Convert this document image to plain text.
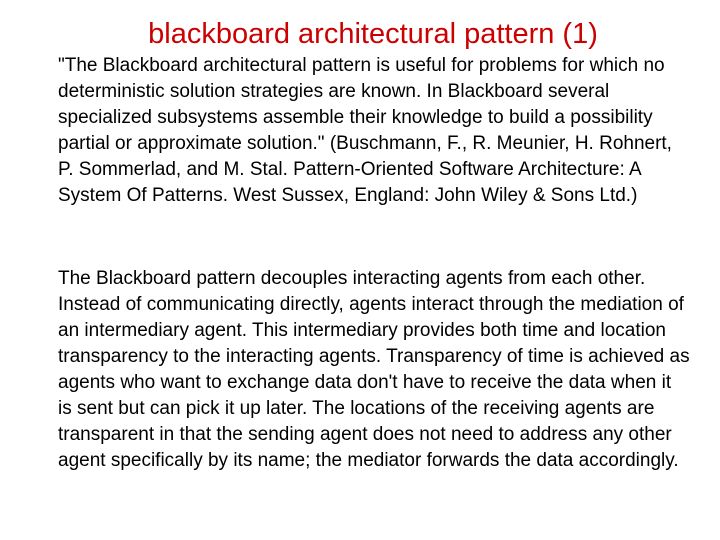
blackboard architectural pattern (1)

"The Blackboard architectural pattern is useful for problems for which no deterministic solution strategies are known. In Blackboard several specialized subsystems assemble their knowledge to build a possibility partial or approximate solution." (Buschmann, F., R. Meunier, H. Rohnert, P. Sommerlad, and M. Stal. Pattern-Oriented Software Architecture: A System Of Patterns. West Sussex, England: John Wiley & Sons Ltd.)

The Blackboard pattern decouples interacting agents from each other. Instead of communicating directly, agents interact through the mediation of an intermediary agent. This intermediary provides both time and location transparency to the interacting agents. Transparency of time is achieved as agents who want to exchange data don't have to receive the data when it is sent but can pick it up later. The locations of the receiving agents are transparent in that the sending agent does not need to address any other agent specifically by its name; the mediator forwards the data accordingly.
